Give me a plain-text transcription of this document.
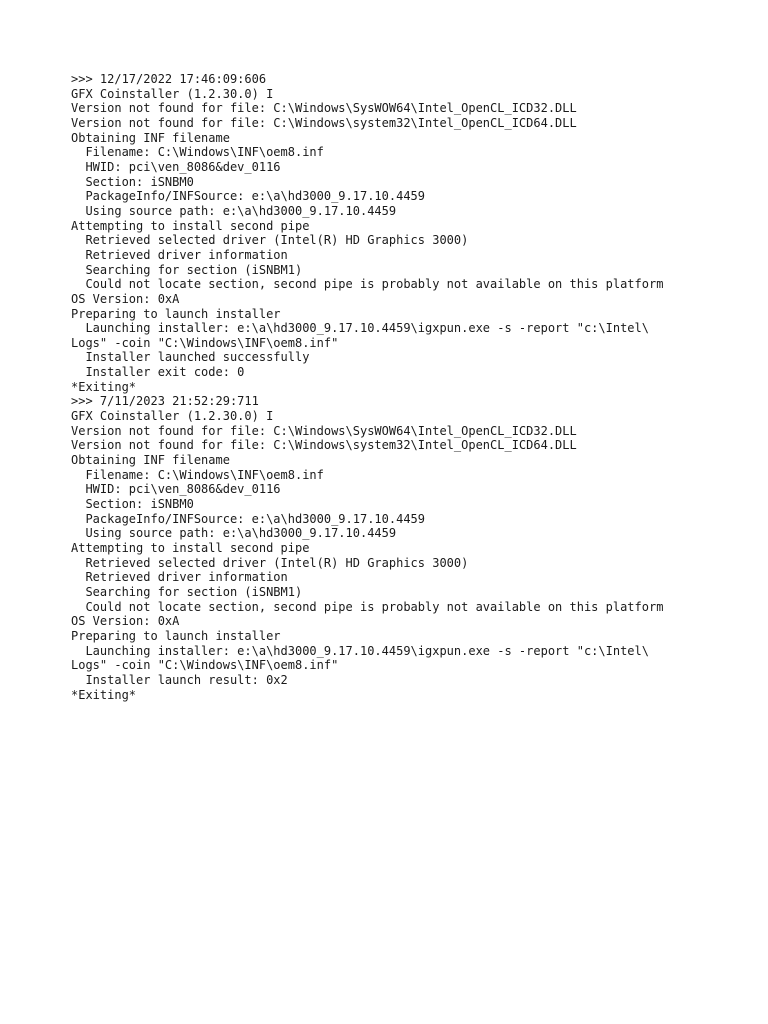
>>> 12/17/2022 17:46:09:606
GFX Coinstaller (1.2.30.0) I
Version not found for file: C:\Windows\SysWOW64\Intel_OpenCL_ICD32.DLL
Version not found for file: C:\Windows\system32\Intel_OpenCL_ICD64.DLL
Obtaining INF filename
Filename: C:\Windows\INF\oem8.inf
HWID: pci\ven_8086&dev_0116
Section: iSNBM0
PackageInfo/INFSource: e:\a\hd3000_9.17.10.4459
Using source path: e:\a\hd3000_9.17.10.4459
Attempting to install second pipe
Retrieved selected driver (Intel(R) HD Graphics 3000)
Retrieved driver information
Searching for section (iSNBM1)
Could not locate section, second pipe is probably not available on this platform
OS Version: 0xA
Preparing to launch installer
Launching installer: e:\a\hd3000_9.17.10.4459\igxpun.exe -s -report "c:\Intel\
Logs" -coin "C:\Windows\INF\oem8.inf"
Installer launched successfully
Installer exit code: 0
*Exiting*
>>> 7/11/2023 21:52:29:711
GFX Coinstaller (1.2.30.0) I
Version not found for file: C:\Windows\SysWOW64\Intel_OpenCL_ICD32.DLL
Version not found for file: C:\Windows\system32\Intel_OpenCL_ICD64.DLL
Obtaining INF filename
Filename: C:\Windows\INF\oem8.inf
HWID: pci\ven_8086&dev_0116
Section: iSNBM0
PackageInfo/INFSource: e:\a\hd3000_9.17.10.4459
Using source path: e:\a\hd3000_9.17.10.4459
Attempting to install second pipe
Retrieved selected driver (Intel(R) HD Graphics 3000)
Retrieved driver information
Searching for section (iSNBM1)
Could not locate section, second pipe is probably not available on this platform
OS Version: 0xA
Preparing to launch installer
Launching installer: e:\a\hd3000_9.17.10.4459\igxpun.exe -s -report "c:\Intel\
Logs" -coin "C:\Windows\INF\oem8.inf"
Installer launch result: 0x2
*Exiting*
